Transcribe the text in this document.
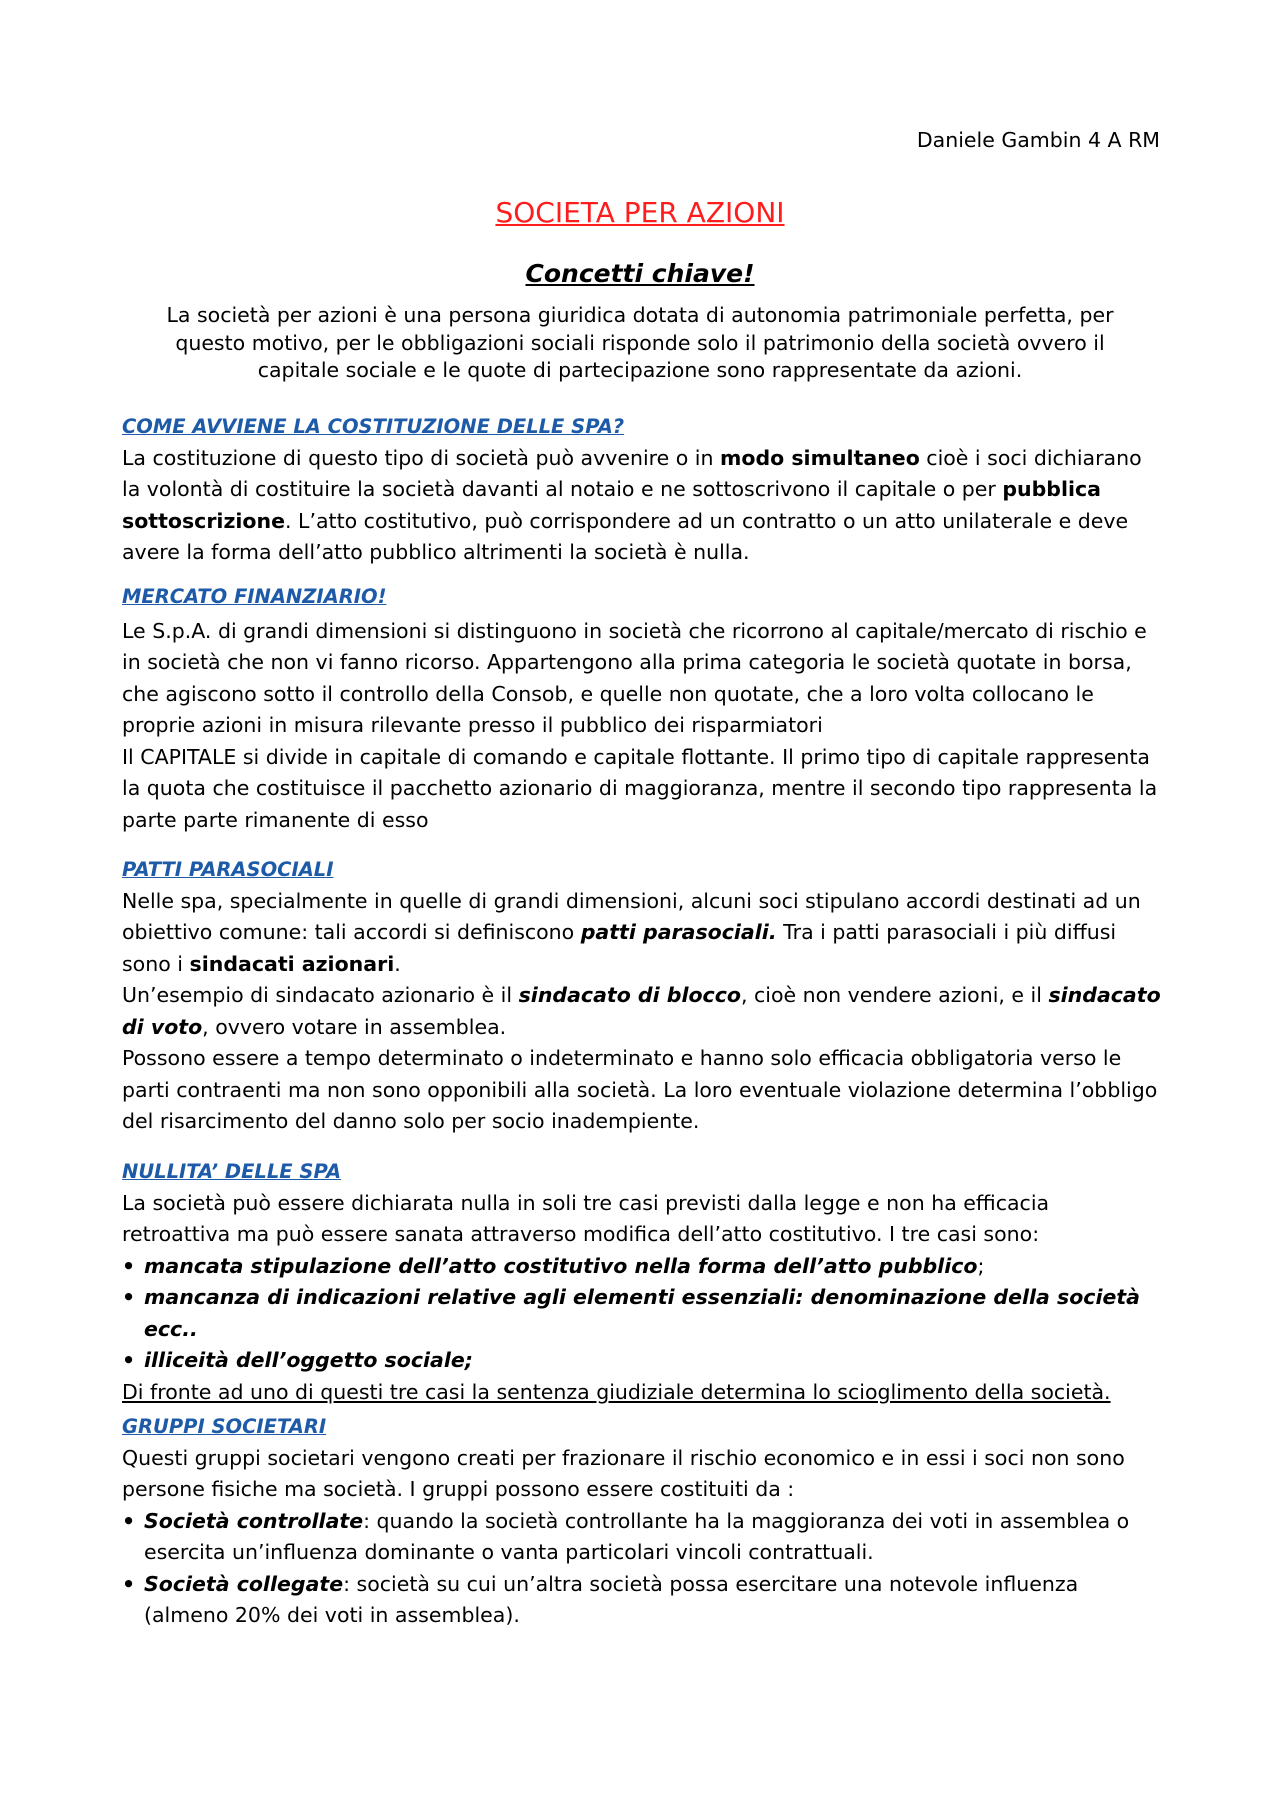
Daniele Gambin 4 A RM
SOCIETA PER AZIONI
Concetti chiave!
La società per azioni è una persona giuridica dotata di autonomia patrimoniale perfetta, per questo motivo, per le obbligazioni sociali risponde solo il patrimonio della società ovvero il capitale sociale e le quote di partecipazione sono rappresentate da azioni.
COME AVVIENE LA COSTITUZIONE DELLE SPA?
La costituzione di questo tipo di società può avvenire o in modo simultaneo cioè i soci dichiarano la volontà di costituire la società davanti al notaio e ne sottoscrivono il capitale o per pubblica sottoscrizione. L’atto costitutivo, può corrispondere ad un contratto o un atto unilaterale e deve avere la forma dell’atto pubblico altrimenti la società è nulla.
MERCATO FINANZIARIO!
Le S.p.A. di grandi dimensioni si distinguono in società che ricorrono al capitale/mercato di rischio e in società che non vi fanno ricorso. Appartengono alla prima categoria le società quotate in borsa, che agiscono sotto il controllo della Consob, e quelle non quotate, che a loro volta collocano le proprie azioni in misura rilevante presso il pubblico dei risparmiatori
Il CAPITALE si divide in capitale di comando e capitale flottante. Il primo tipo di capitale rappresenta la quota che costituisce il pacchetto azionario di maggioranza, mentre il secondo tipo rappresenta la parte parte rimanente di esso
PATTI PARASOCIALI
Nelle spa, specialmente in quelle di grandi dimensioni, alcuni soci stipulano accordi destinati ad un obiettivo comune: tali accordi si definiscono patti parasociali. Tra i patti parasociali i più diffusi sono i sindacati azionari.
Un’esempio di sindacato azionario è il sindacato di blocco, cioè non vendere azioni, e il sindacato di voto, ovvero votare in assemblea.
Possono essere a tempo determinato o indeterminato e hanno solo efficacia obbligatoria verso le parti contraenti ma non sono opponibili alla società. La loro eventuale violazione determina l’obbligo del risarcimento del danno solo per socio inadempiente.
NULLITA’ DELLE SPA
La società può essere dichiarata nulla in soli tre casi previsti dalla legge e non ha efficacia retroattiva ma può essere sanata attraverso modifica dell’atto costitutivo. I tre casi sono:
• mancata stipulazione dell’atto costitutivo nella forma dell’atto pubblico;
• mancanza di indicazioni relative agli elementi essenziali: denominazione della società ecc..
• illiceità dell’oggetto sociale;
Di fronte ad uno di questi tre casi la sentenza giudiziale determina lo scioglimento della società.
GRUPPI SOCIETARI
Questi gruppi societari vengono creati per frazionare il rischio economico e in essi i soci non sono persone fisiche ma società. I gruppi possono essere costituiti da :
• Società controllate: quando la società controllante ha la maggioranza dei voti in assemblea o esercita un’influenza dominante o vanta particolari vincoli contrattuali.
• Società collegate: società su cui un’altra società possa esercitare una notevole influenza (almeno 20% dei voti in assemblea).
